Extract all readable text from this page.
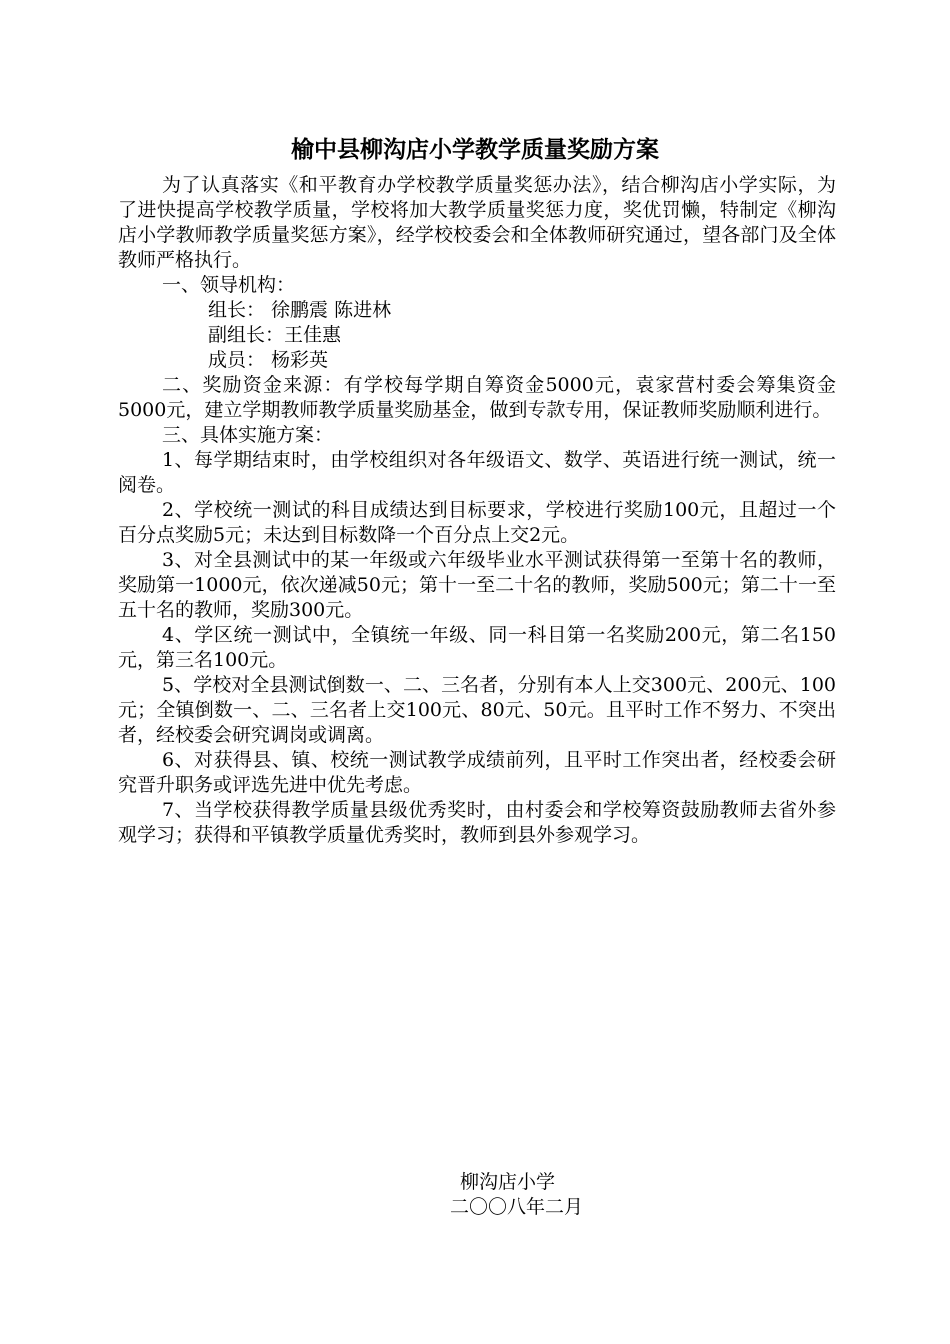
榆中县柳沟店小学教学质量奖励方案

为了认真落实《和平教育办学校教学质量奖惩办法》，结合柳沟店小学实际，为了进快提高学校教学质量，学校将加大教学质量奖惩力度，奖优罚懒，特制定《柳沟店小学教师教学质量奖惩方案》，经学校校委会和全体教师研究通过，望各部门及全体教师严格执行。

一、领导机构：

组长： 徐鹏震 陈进林

副组长：王佳惠

成员： 杨彩英

二、奖励资金来源：有学校每学期自筹资金5000元，袁家营村委会筹集资金5000元，建立学期教师教学质量奖励基金，做到专款专用，保证教师奖励顺利进行。

三、具体实施方案：

1、每学期结束时，由学校组织对各年级语文、数学、英语进行统一测试，统一阅卷。

2、学校统一测试的科目成绩达到目标要求，学校进行奖励100元，且超过一个百分点奖励5元；未达到目标数降一个百分点上交2元。

3、对全县测试中的某一年级或六年级毕业水平测试获得第一至第十名的教师，奖励第一1000元，依次递减50元；第十一至二十名的教师，奖励500元；第二十一至五十名的教师，奖励300元。

4、学区统一测试中，全镇统一年级、同一科目第一名奖励200元，第二名150元，第三名100元。

5、学校对全县测试倒数一、二、三名者，分别有本人上交300元、200元、100元；全镇倒数一、二、三名者上交100元、80元、50元。且平时工作不努力、不突出者，经校委会研究调岗或调离。

6、对获得县、镇、校统一测试教学成绩前列，且平时工作突出者，经校委会研究晋升职务或评选先进中优先考虑。

7、当学校获得教学质量县级优秀奖时，由村委会和学校筹资鼓励教师去省外参观学习；获得和平镇教学质量优秀奖时，教师到县外参观学习。

柳沟店小学
二〇〇八年二月
